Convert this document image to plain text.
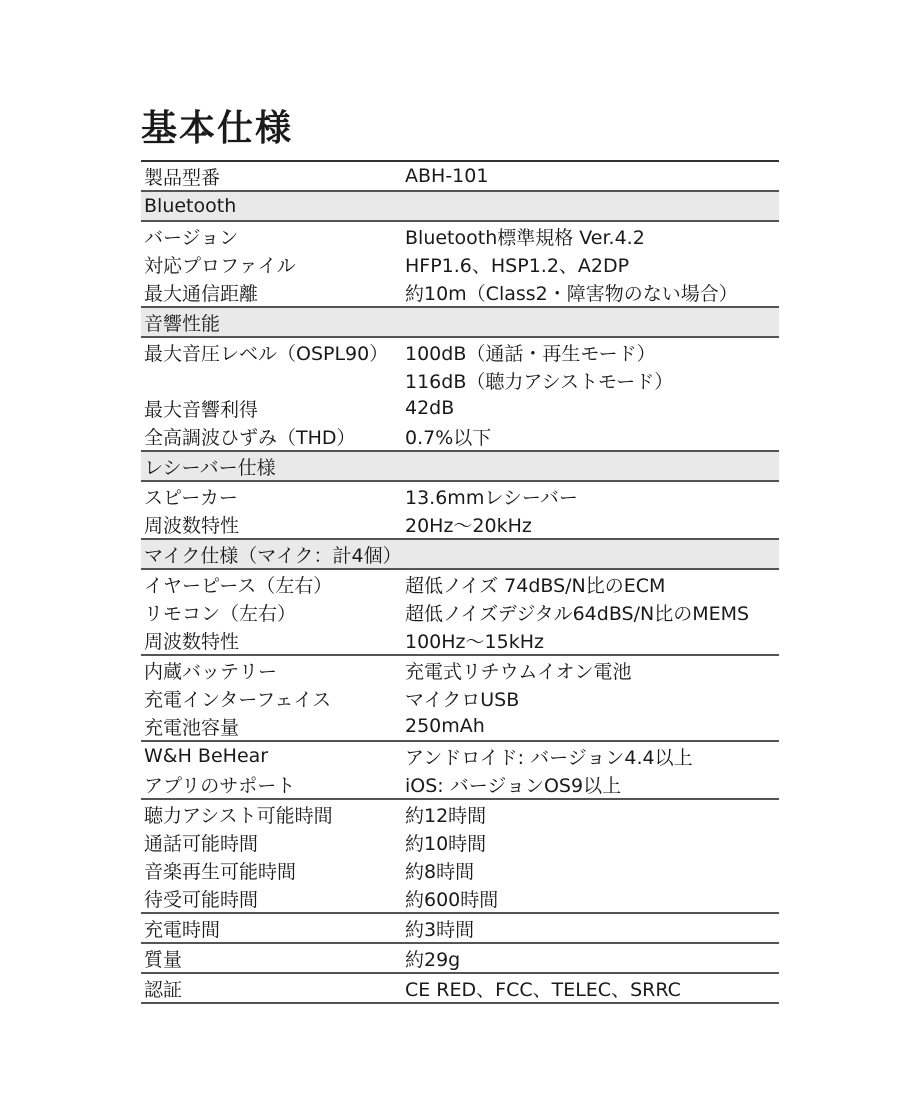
基本仕様
製品型番	ABH-101
Bluetooth
バージョン	Bluetooth標準規格 Ver.4.2
対応プロファイル	HFP1.6、HSP1.2、A2DP
最大通信距離	約10m（Class2・障害物のない場合）
音響性能
最大音圧レベル（OSPL90） 100dB（通話・再生モード）
116dB（聴力アシストモード）
最大音響利得	42dB
全高調波ひずみ（THD）	0.7%以下
レシーバー仕様
スピーカー	13.6mmレシーバー
周波数特性	20Hz～20kHz
マイク仕様（マイク：計4個）
イヤーピース（左右）	超低ノイズ 74dBS/N比のECM
リモコン（左右）	超低ノイズデジタル64dBS/N比のMEMS
周波数特性	100Hz～15kHz
内蔵バッテリー	充電式リチウムイオン電池
充電インターフェイス	マイクロUSB
充電池容量	250mAh
W&H BeHear	アンドロイド: バージョン4.4以上
アプリのサポート	iOS: バージョンOS9以上
聴力アシスト可能時間	約12時間
通話可能時間	約10時間
音楽再生可能時間	約8時間
待受可能時間	約600時間
充電時間	約3時間
質量	約29g
認証	CE RED、FCC、TELEC、SRRC
